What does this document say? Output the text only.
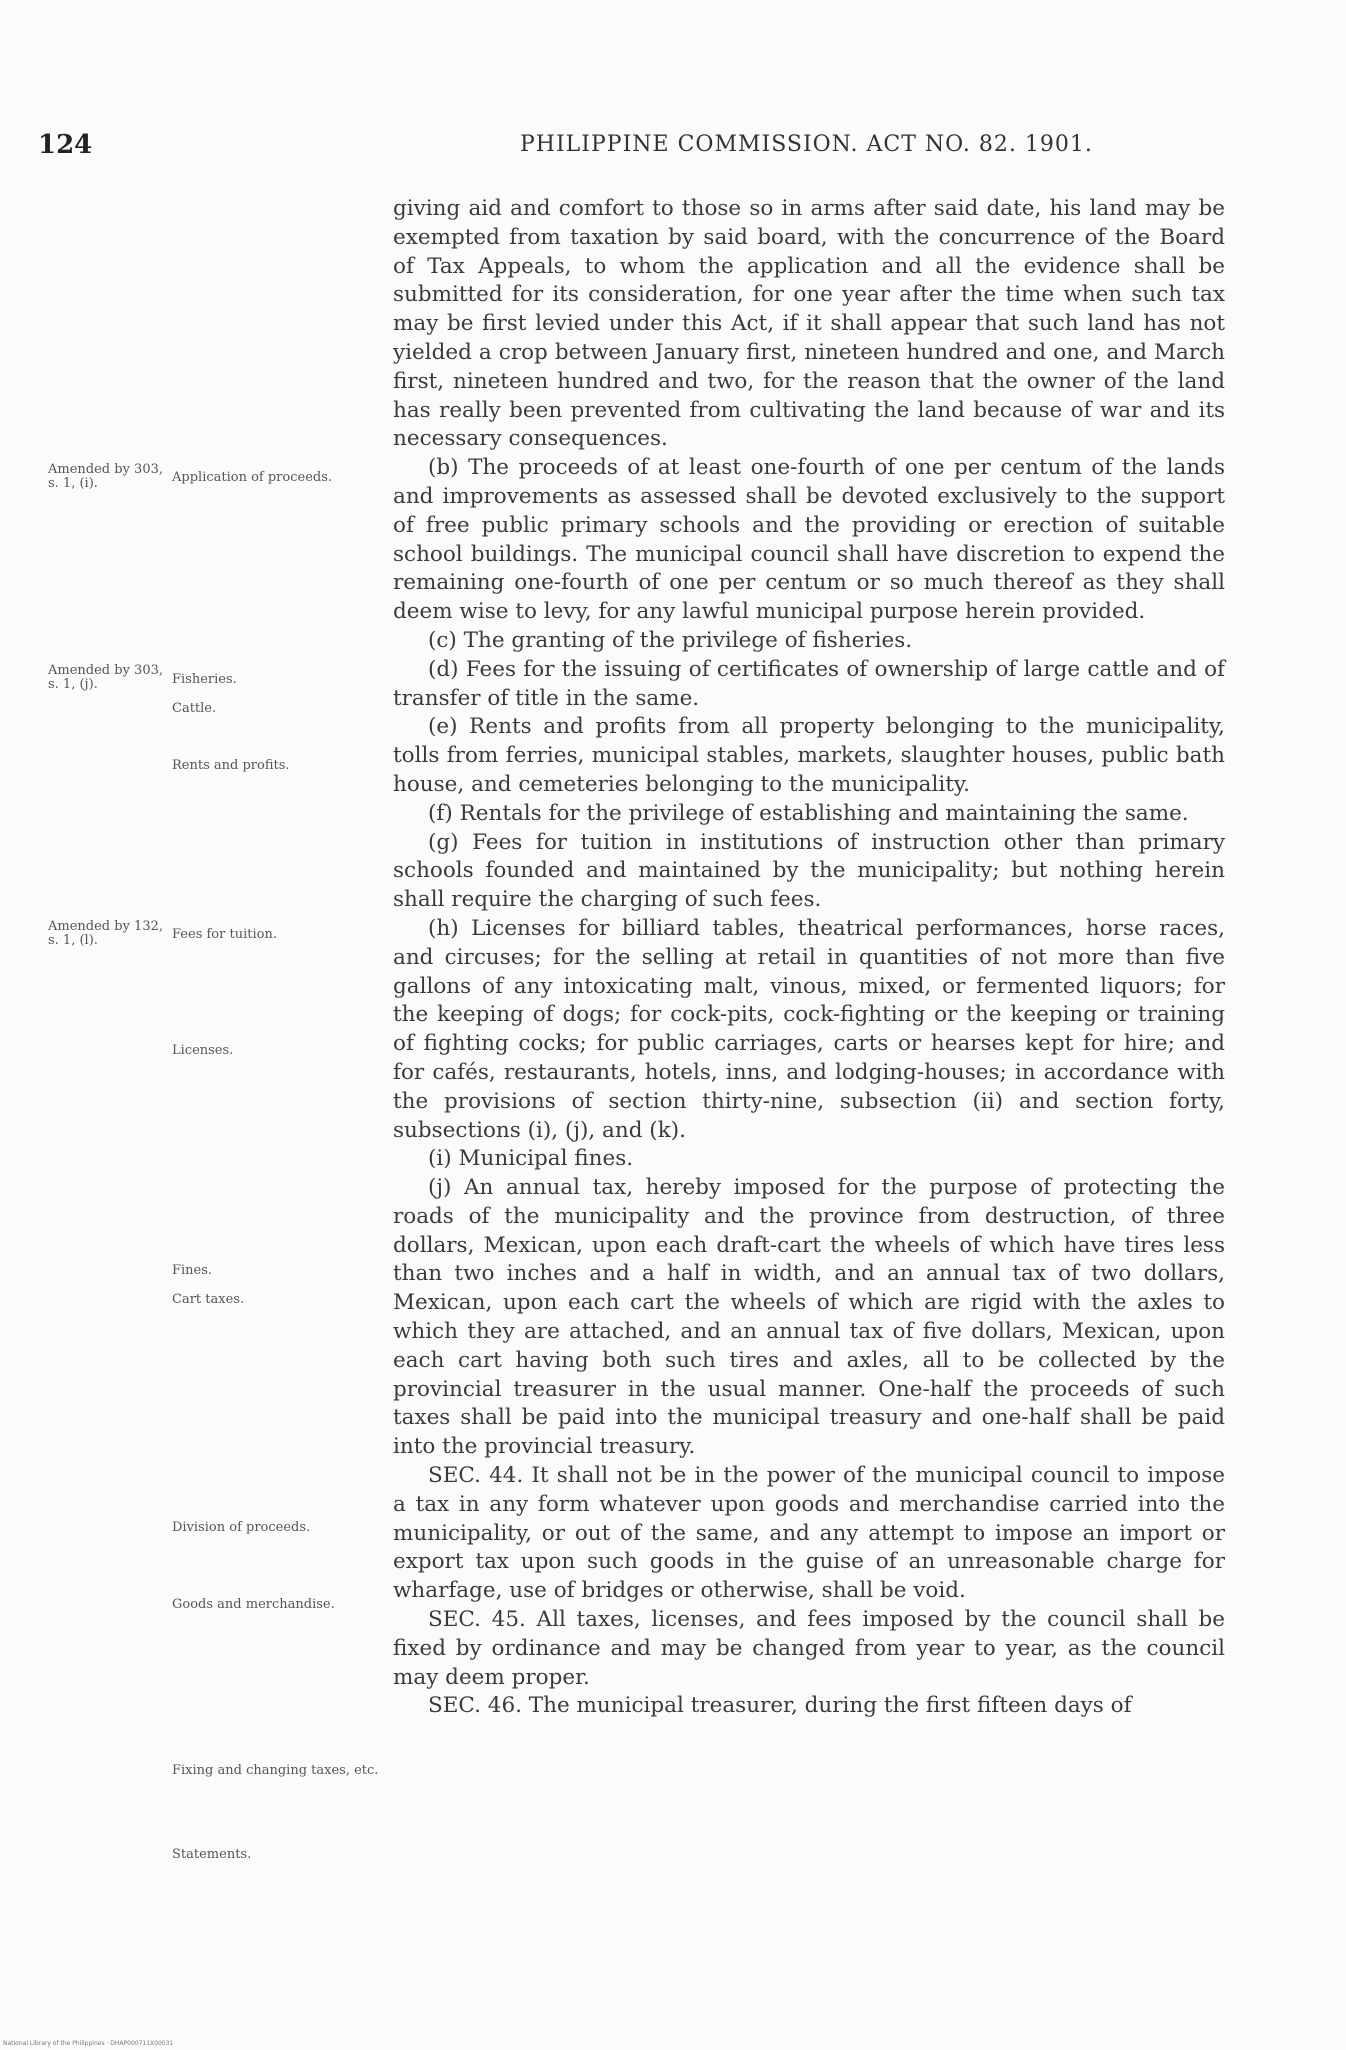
124	PHILIPPINE COMMISSION. ACT NO. 82. 1901.
Amended by 303, s. 1, (i).	Application of proceeds.
Amended by 303, s. 1, (j).	Fisheries.
Cattle.
Rents and profits.
Amended by 132, s. 1, (l).	Fees for tuition.
Licenses.
Fines.
Cart taxes.
Division of proceeds.
Goods and merchandise.
Fixing and changing taxes, etc.
Statements.

giving aid and comfort to those so in arms after said date, his land may be exempted from taxation by said board, with the concurrence of the Board of Tax Appeals, to whom the application and all the evidence shall be submitted for its consideration, for one year after the time when such tax may be first levied under this Act, if it shall appear that such land has not yielded a crop between January first, nineteen hundred and one, and March first, nineteen hundred and two, for the reason that the owner of the land has really been prevented from cultivating the land because of war and its necessary consequences.

(b) The proceeds of at least one-fourth of one per centum of the lands and improvements as assessed shall be devoted exclusively to the support of free public primary schools and the providing or erection of suitable school buildings. The municipal council shall have discretion to expend the remaining one-fourth of one per centum or so much thereof as they shall deem wise to levy, for any lawful municipal purpose herein provided.

(c) The granting of the privilege of fisheries.

(d) Fees for the issuing of certificates of ownership of large cattle and of transfer of title in the same.

(e) Rents and profits from all property belonging to the municipality, tolls from ferries, municipal stables, markets, slaughter houses, public bath house, and cemeteries belonging to the municipality.

(f) Rentals for the privilege of establishing and maintaining the same.

(g) Fees for tuition in institutions of instruction other than primary schools founded and maintained by the municipality; but nothing herein shall require the charging of such fees.

(h) Licenses for billiard tables, theatrical performances, horse races, and circuses; for the selling at retail in quantities of not more than five gallons of any intoxicating malt, vinous, mixed, or fermented liquors; for the keeping of dogs; for cock-pits, cock-fighting or the keeping or training of fighting cocks; for public carriages, carts or hearses kept for hire; and for cafés, restaurants, hotels, inns, and lodging-houses; in accordance with the provisions of section thirty-nine, subsection (ii) and section forty, subsections (i), (j), and (k).

(i) Municipal fines.

(j) An annual tax, hereby imposed for the purpose of protecting the roads of the municipality and the province from destruction, of three dollars, Mexican, upon each draft-cart the wheels of which have tires less than two inches and a half in width, and an annual tax of two dollars, Mexican, upon each cart the wheels of which are rigid with the axles to which they are attached, and an annual tax of five dollars, Mexican, upon each cart having both such tires and axles, all to be collected by the provincial treasurer in the usual manner. One-half the proceeds of such taxes shall be paid into the municipal treasury and one-half shall be paid into the provincial treasury.

SEC. 44. It shall not be in the power of the municipal council to impose a tax in any form whatever upon goods and merchandise carried into the municipality, or out of the same, and any attempt to impose an import or export tax upon such goods in the guise of an unreasonable charge for wharfage, use of bridges or otherwise, shall be void.

SEC. 45. All taxes, licenses, and fees imposed by the council shall be fixed by ordinance and may be changed from year to year, as the council may deem proper.

SEC. 46. The municipal treasurer, during the first fifteen days of

National Library of the Philippines · DHAP000711X00031
